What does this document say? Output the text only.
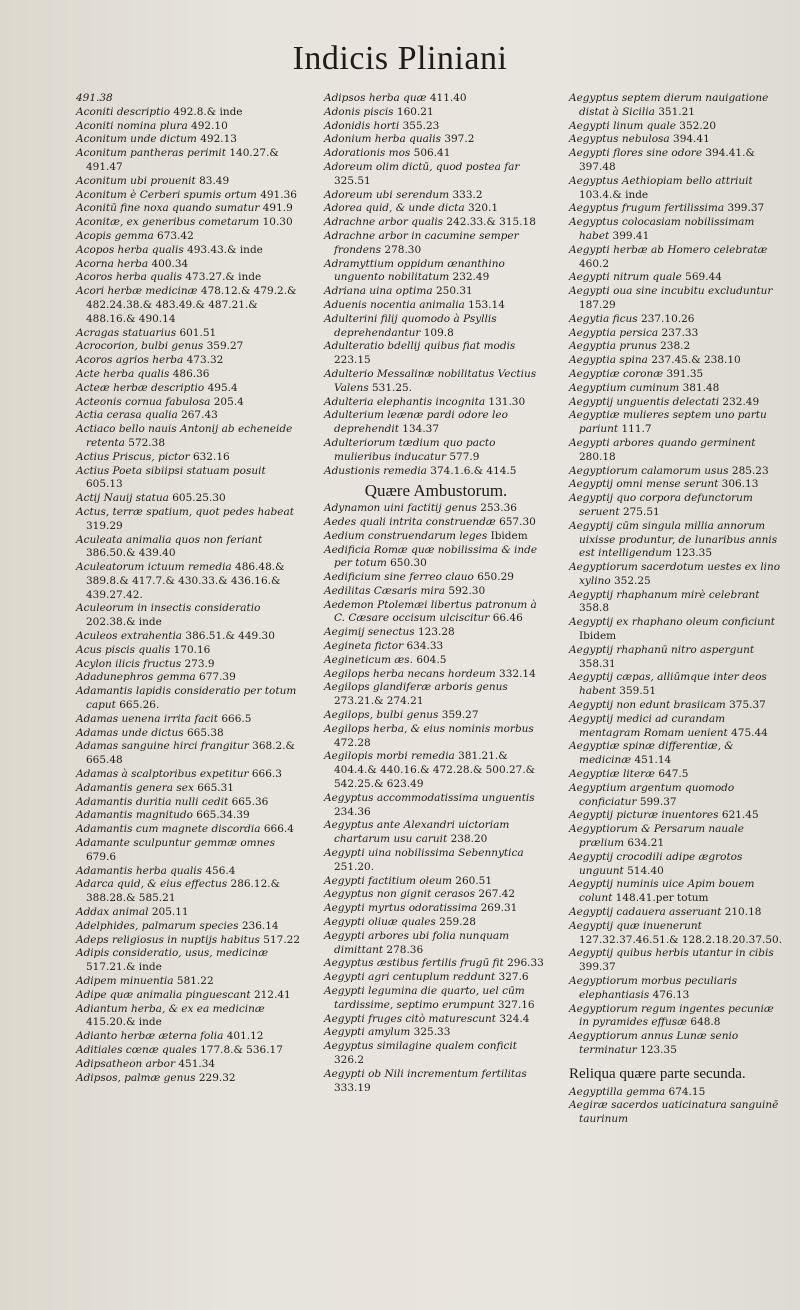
Indicis Pliniani

491.38

Aconiti descriptio 492.8.& inde

Aconiti nomina plura 492.10

Aconitum unde dictum 492.13

Aconitum pantheras perimit 140.27.& 491.47

Aconitum ubi prouenit 83.49

Aconitum è Cerberi spumis ortum 491.36

Aconitū fine noxa quando sumatur 491.9

Aconitæ, ex generibus cometarum 10.30

Acopis gemma 673.42

Acopos herba qualis 493.43.& inde

Acorna herba 400.34

Acoros herba qualis 473.27.& inde

Acori herbæ medicinæ 478.12.& 479.2.& 482.24.38.& 483.49.& 487.21.& 488.16.& 490.14

Acragas statuarius 601.51

Acrocorion, bulbi genus 359.27

Acoros agrios herba 473.32

Acte herba qualis 486.36

Acteæ herbæ descriptio 495.4

Acteonis cornua fabulosa 205.4

Actia cerasa qualia 267.43

Actiaco bello nauis Antonij ab echeneide retenta 572.38

Actius Priscus, pictor 632.16

Actius Poeta sibiipsi statuam posuit 605.13

Actij Nauij statua 605.25.30

Actus, terræ spatium, quot pedes habeat 319.29

Aculeata animalia quos non feriant 386.50.& 439.40

Aculeatorum ictuum remedia 486.48.& 389.8.& 417.7.& 430.33.& 436.16.& 439.27.42.

Aculeorum in insectis consideratio 202.38.& inde

Aculeos extrahentia 386.51.& 449.30

Acus piscis qualis 170.16

Acylon ilicis fructus 273.9

Adadunephros gemma 677.39

Adamantis lapidis consideratio per totum caput 665.26.

Adamas uenena irrita facit 666.5

Adamas unde dictus 665.38

Adamas sanguine hirci frangitur 368.2.& 665.48

Adamas à scalptoribus expetitur 666.3

Adamantis genera sex 665.31

Adamantis duritia nulli cedit 665.36

Adamantis magnitudo 665.34.39

Adamantis cum magnete discordia 666.4

Adamante sculpuntur gemmæ omnes 679.6

Adamantis herba qualis 456.4

Adarca quid, & eius effectus 286.12.& 388.28.& 585.21

Addax animal 205.11

Adelphides, palmarum species 236.14

Adeps religiosus in nuptijs habitus 517.22

Adipis consideratio, usus, medicinæ 517.21.& inde

Adipem minuentia 581.22

Adipe quæ animalia pinguescant 212.41

Adiantum herba, & ex ea medicinæ 415.20.& inde

Adianto herbæ æterna folia 401.12

Aditiales cœnæ quales 177.8.& 536.17

Adipsatheon arbor 451.34

Adipsos, palmæ genus 229.32

Adipsos herba quæ 411.40

Adonis piscis 160.21

Adonidis horti 355.23

Adonium herba qualis 397.2

Adorationis mos 506.41

Adoreum olim dictū, quod postea far 325.51

Adoreum ubi serendum 333.2

Adorea quid, & unde dicta 320.1

Adrachne arbor qualis 242.33.& 315.18

Adrachne arbor in cacumine semper frondens 278.30

Adramyttium oppidum œnanthino unguento nobilitatum 232.49

Adriana uina optima 250.31

Aduenis nocentia animalia 153.14

Adulterini filij quomodo à Psyllis deprehendantur 109.8

Adulteratio bdellij quibus fiat modis 223.15

Adulterio Messalinæ nobilitatus Vectius Valens 531.25.

Adulteria elephantis incognita 131.30

Adulterium leænæ pardi odore leo deprehendit 134.37

Adulteriorum tædium quo pacto mulieribus inducatur 577.9

Adustionis remedia 374.1.6.& 414.5

Quære Ambustorum.

Adynamon uini factitij genus 253.36

Aedes quali intrita construendæ 657.30

Aedium construendarum leges Ibidem

Aedificia Romæ quæ nobilissima & inde per totum 650.30

Aedificium sine ferreo clauo 650.29

Aedilitas Cæsaris mira 592.30

Aedemon Ptolemæi libertus patronum à C. Cæsare occisum ulciscitur 66.46

Aegimij senectus 123.28

Aegineta fictor 634.33

Aegineticum æs. 604.5

Aegilops herba necans hordeum 332.14

Aegilops glandiferæ arboris genus 273.21.& 274.21

Aegilops, bulbi genus 359.27

Aegilops herba, & eius nominis morbus 472.28

Aegilopis morbi remedia 381.21.& 404.4.& 440.16.& 472.28.& 500.27.& 542.25.& 623.49

Aegyptus accommodatissima unguentis 234.36

Aegyptus ante Alexandri uictoriam chartarum usu caruit 238.20

Aegypti uina nobilissima Sebennytica 251.20.

Aegypti factitium oleum 260.51

Aegyptus non gignit cerasos 267.42

Aegypti myrtus odoratissima 269.31

Aegypti oliuæ quales 259.28

Aegypti arbores ubi folia nunquam dimittant 278.36

Aegyptus æstibus fertilis frugū fit 296.33

Aegypti agri centuplum reddunt 327.6

Aegypti legumina die quarto, uel cūm tardissime, septimo erumpunt 327.16

Aegypti fruges citò maturescunt 324.4

Aegypti amylum 325.33

Aegyptus similagine qualem conficit 326.2

Aegypti ob Nili incrementum fertilitas 333.19

Aegyptus septem dierum nauigatione distat à Sicilia 351.21

Aegypti linum quale 352.20

Aegyptus nebulosa 394.41

Aegypti flores sine odore 394.41.& 397.48

Aegyptus Aethiopiam bello attriuit 103.4.& inde

Aegyptus frugum fertilissima 399.37

Aegyptus colocasiam nobilissimam habet 399.41

Aegypti herbæ ab Homero celebratæ 460.2

Aegypti nitrum quale 569.44

Aegypti oua sine incubitu excluduntur 187.29

Aegytia ficus 237.10.26

Aegyptia persica 237.33

Aegyptia prunus 238.2

Aegyptia spina 237.45.& 238.10

Aegyptiæ coronæ 391.35

Aegyptium cuminum 381.48

Aegyptij unguentis delectati 232.49

Aegyptiæ mulieres septem uno partu pariunt 111.7

Aegypti arbores quando germinent 280.18

Aegyptiorum calamorum usus 285.23

Aegyptij omni mense serunt 306.13

Aegyptij quo corpora defunctorum seruent 275.51

Aegyptij cūm singula millia annorum uixisse produntur, de lunaribus annis est intelligendum 123.35

Aegyptiorum sacerdotum uestes ex lino xylino 352.25

Aegyptij rhaphanum mirè celebrant 358.8

Aegyptij ex rhaphano oleum conficiunt Ibidem

Aegyptij rhaphanū nitro aspergunt 358.31

Aegyptij cæpas, alliūmque inter deos habent 359.51

Aegyptij non edunt brasiicam 375.37

Aegyptij medici ad curandam mentagram Romam uenient 475.44

Aegyptiæ spinæ differentiæ, & medicinæ 451.14

Aegyptiæ literæ 647.5

Aegyptium argentum quomodo conficiatur 599.37

Aegyptij picturæ inuentores 621.45

Aegyptiorum & Persarum nauale prælium 634.21

Aegyptij crocodili adipe ægrotos unguunt 514.40

Aegyptij numinis uice Apim bouem colunt 148.41.per totum

Aegyptij cadauera asseruant 210.18

Aegyptij quæ inuenerunt 127.32.37.46.51.& 128.2.18.20.37.50.

Aegyptij quibus herbis utantur in cibis 399.37

Aegyptiorum morbus peculiaris elephantiasis 476.13

Aegyptiorum regum ingentes pecuniæ in pyramides effusæ 648.8

Aegyptiorum annus Lunæ senio terminatur 123.35

Reliqua quære parte secunda.

Aegyptilla gemma 674.15

Aegiræ sacerdos uaticinatura sanguinē taurinum
